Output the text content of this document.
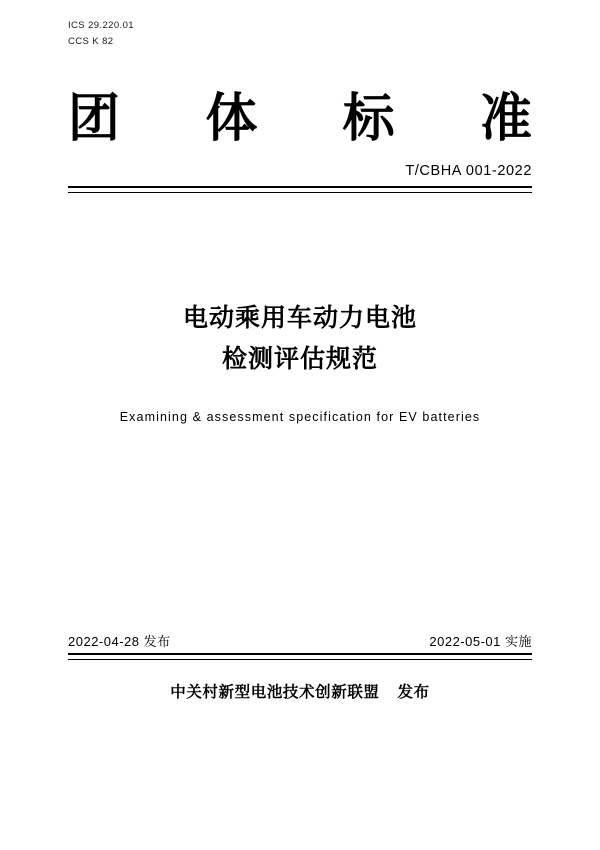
ICS 29.220.01
CCS K 82
团 体 标 准
T/CBHA 001-2022
电动乘用车动力电池
检测评估规范
Examining & assessment specification for EV batteries
2022-04-28 发布	2022-05-01 实施
中关村新型电池技术创新联盟 发布
